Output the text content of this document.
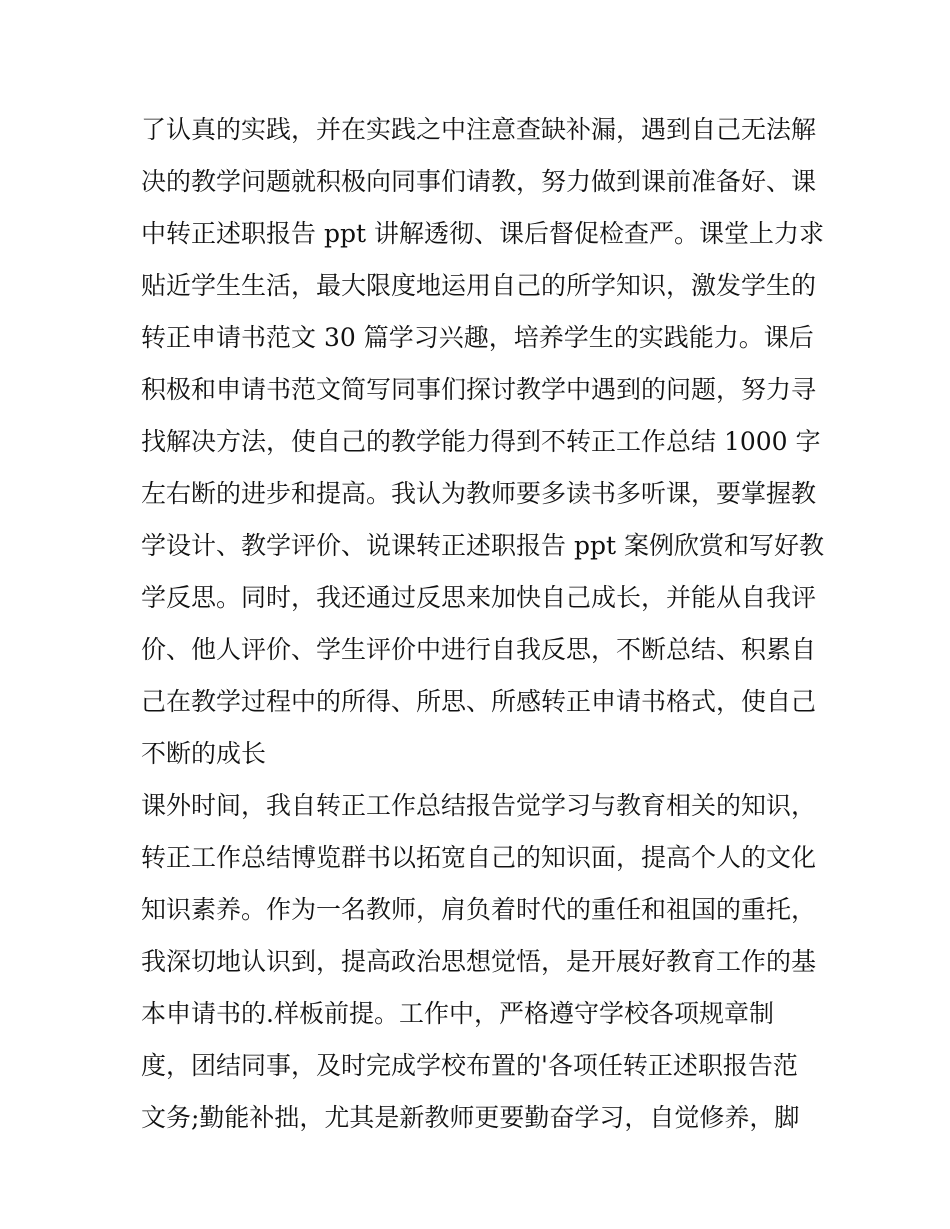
了认真的实践，并在实践之中注意查缺补漏，遇到自己无法解
决的教学问题就积极向同事们请教，努力做到课前准备好、课
中转正述职报告 ppt 讲解透彻、课后督促检查严。课堂上力求
贴近学生生活，最大限度地运用自己的所学知识，激发学生的
转正申请书范文 30 篇学习兴趣，培养学生的实践能力。课后
积极和申请书范文简写同事们探讨教学中遇到的问题，努力寻
找解决方法，使自己的教学能力得到不转正工作总结 1000 字
左右断的进步和提高。我认为教师要多读书多听课，要掌握教
学设计、教学评价、说课转正述职报告 ppt 案例欣赏和写好教
学反思。同时，我还通过反思来加快自己成长，并能从自我评
价、他人评价、学生评价中进行自我反思，不断总结、积累自
己在教学过程中的所得、所思、所感转正申请书格式，使自己
不断的成长
课外时间，我自转正工作总结报告觉学习与教育相关的知识，
转正工作总结博览群书以拓宽自己的知识面，提高个人的文化
知识素养。作为一名教师，肩负着时代的重任和祖国的重托，
我深切地认识到，提高政治思想觉悟，是开展好教育工作的基
本申请书的.样板前提。工作中，严格遵守学校各项规章制
度，团结同事，及时完成学校布置的'各项任转正述职报告范
文务;勤能补拙，尤其是新教师更要勤奋学习，自觉修养，脚
